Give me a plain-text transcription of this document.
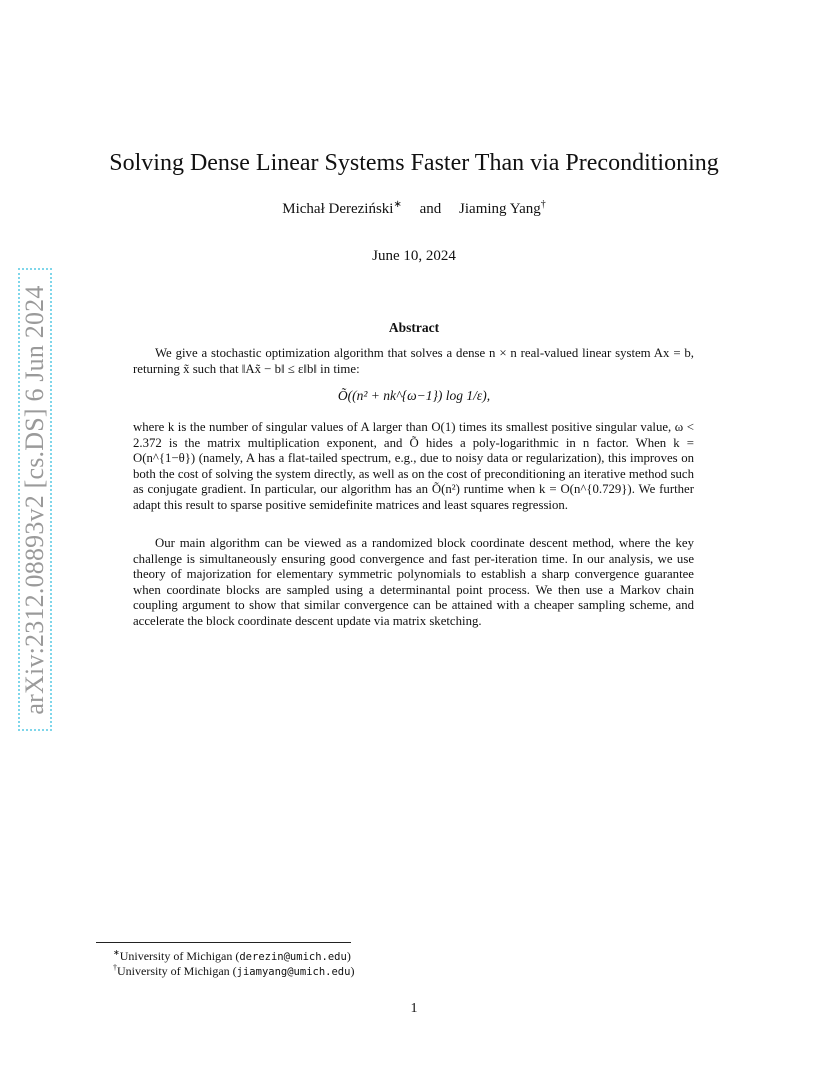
arXiv:2312.08893v2 [cs.DS] 6 Jun 2024
Solving Dense Linear Systems Faster Than via Preconditioning
Michał Dereziński∗ and Jiaming Yang†
June 10, 2024
Abstract

We give a stochastic optimization algorithm that solves a dense n × n real-valued linear system Ax = b, returning x̃ such that ‖Ax̃ − b‖ ≤ ε‖b‖ in time:

Õ((n² + nk^{ω−1}) log 1/ε),

where k is the number of singular values of A larger than O(1) times its smallest positive singular value, ω < 2.372 is the matrix multiplication exponent, and Õ hides a poly-logarithmic in n factor. When k = O(n^{1−θ}) (namely, A has a flat-tailed spectrum, e.g., due to noisy data or regularization), this improves on both the cost of solving the system directly, as well as on the cost of preconditioning an iterative method such as conjugate gradient. In particular, our algorithm has an Õ(n²) runtime when k = O(n^{0.729}). We further adapt this result to sparse positive semidefinite matrices and least squares regression.

Our main algorithm can be viewed as a randomized block coordinate descent method, where the key challenge is simultaneously ensuring good convergence and fast per-iteration time. In our analysis, we use theory of majorization for elementary symmetric polynomials to establish a sharp convergence guarantee when coordinate blocks are sampled using a determinantal point process. We then use a Markov chain coupling argument to show that similar convergence can be attained with a cheaper sampling scheme, and accelerate the block coordinate descent update via matrix sketching.

∗University of Michigan (derezin@umich.edu)
†University of Michigan (jiamyang@umich.edu)
1
